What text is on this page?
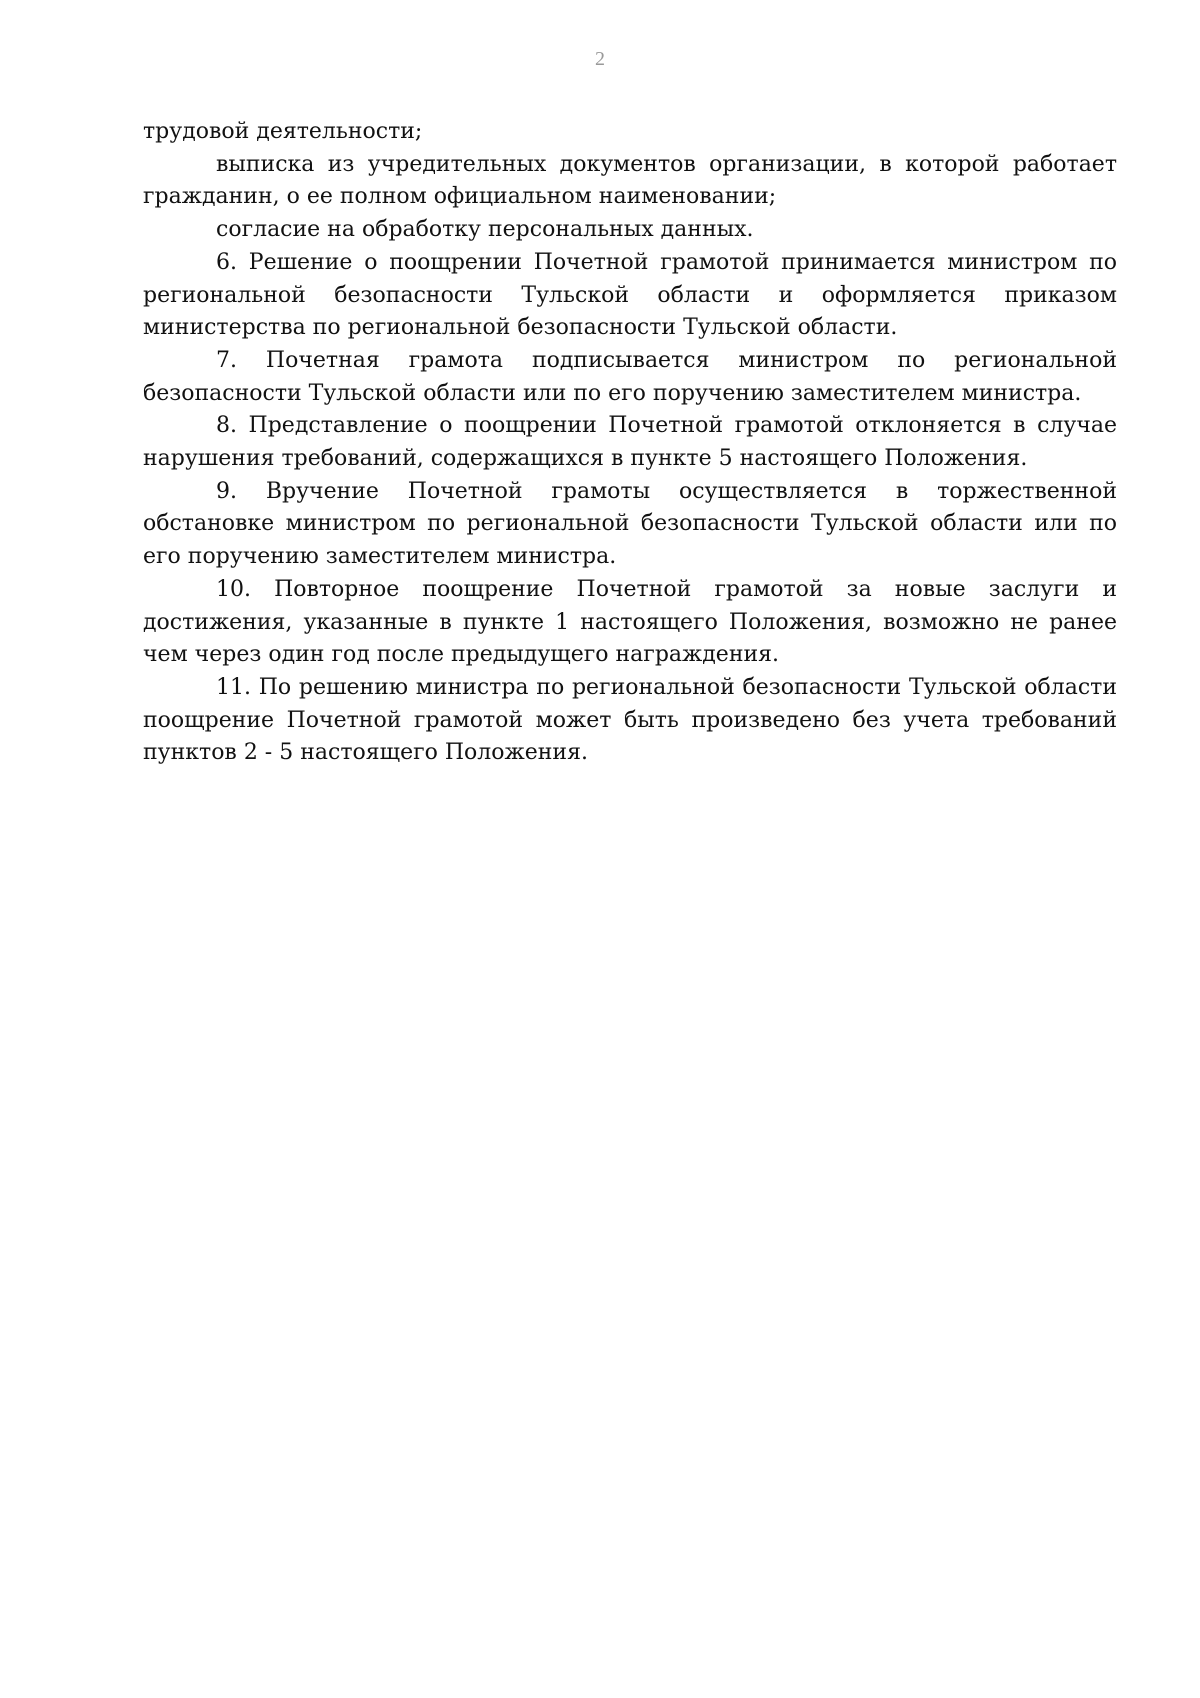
2

трудовой деятельности;

выписка из учредительных документов организации, в которой работает гражданин, о ее полном официальном наименовании;

согласие на обработку персональных данных.

6. Решение о поощрении Почетной грамотой принимается министром по региональной безопасности Тульской области и оформляется приказом министерства по региональной безопасности Тульской области.

7. Почетная грамота подписывается министром по региональной безопасности Тульской области или по его поручению заместителем министра.

8. Представление о поощрении Почетной грамотой отклоняется в случае нарушения требований, содержащихся в пункте 5 настоящего Положения.

9. Вручение Почетной грамоты осуществляется в торжественной обстановке министром по региональной безопасности Тульской области или по его поручению заместителем министра.

10. Повторное поощрение Почетной грамотой за новые заслуги и достижения, указанные в пункте 1 настоящего Положения, возможно не ранее чем через один год после предыдущего награждения.

11. По решению министра по региональной безопасности Тульской области поощрение Почетной грамотой может быть произведено без учета требований пунктов 2 - 5 настоящего Положения.
